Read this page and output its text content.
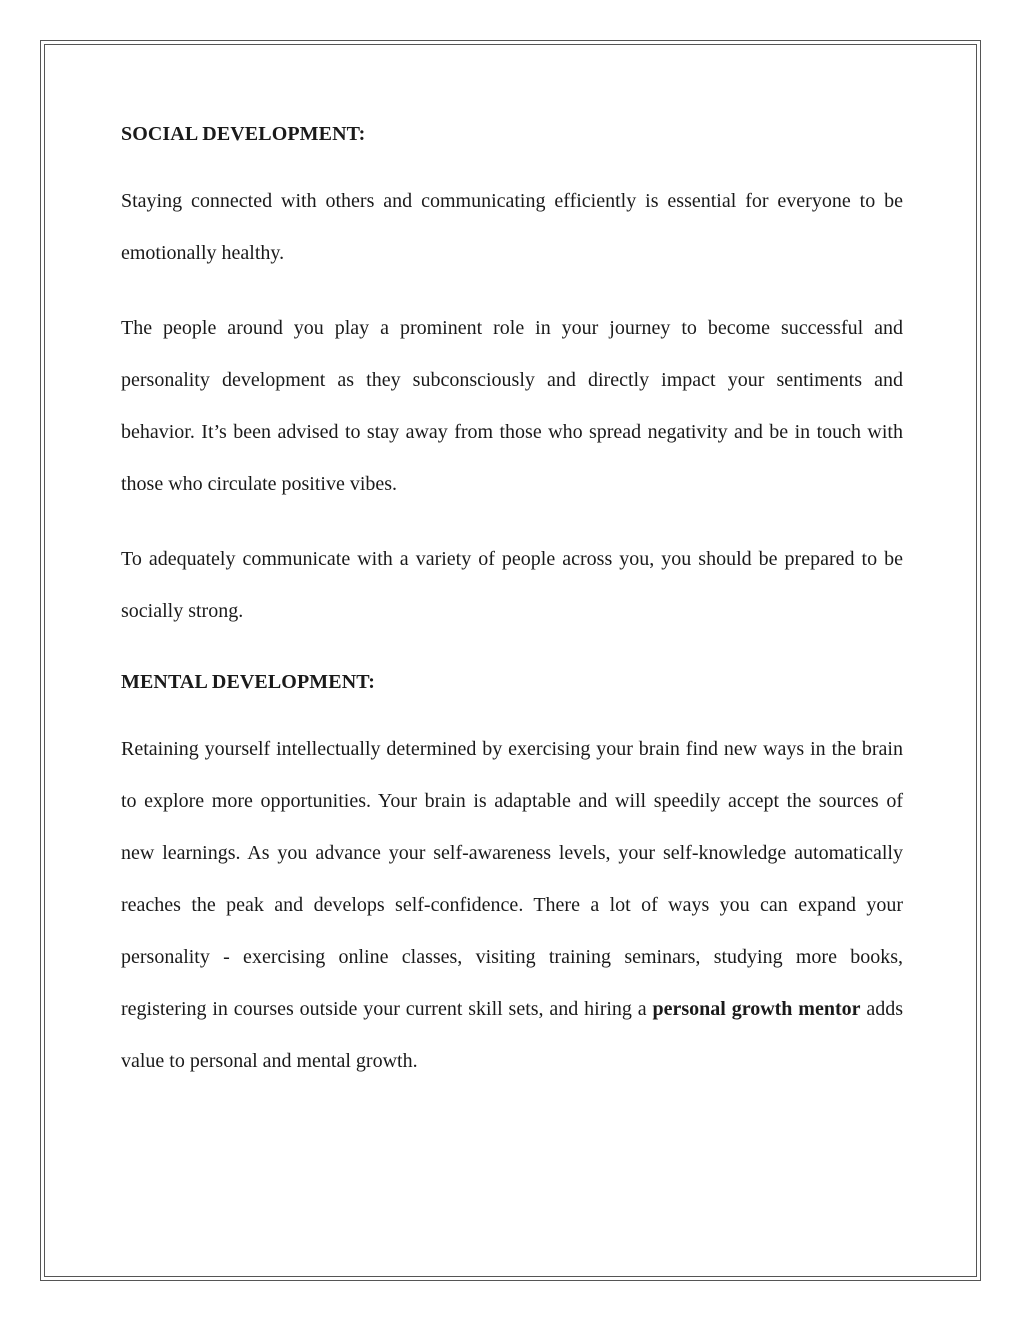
SOCIAL DEVELOPMENT:

Staying connected with others and communicating efficiently is essential for everyone to be emotionally healthy.

The people around you play a prominent role in your journey to become successful and personality development as they subconsciously and directly impact your sentiments and behavior. It’s been advised to stay away from those who spread negativity and be in touch with those who circulate positive vibes.

To adequately communicate with a variety of people across you, you should be prepared to be socially strong.

MENTAL DEVELOPMENT:

Retaining yourself intellectually determined by exercising your brain find new ways in the brain to explore more opportunities. Your brain is adaptable and will speedily accept the sources of new learnings. As you advance your self-awareness levels, your self-knowledge automatically reaches the peak and develops self-confidence. There a lot of ways you can expand your personality - exercising online classes, visiting training seminars, studying more books, registering in courses outside your current skill sets, and hiring a personal growth mentor adds value to personal and mental growth.
